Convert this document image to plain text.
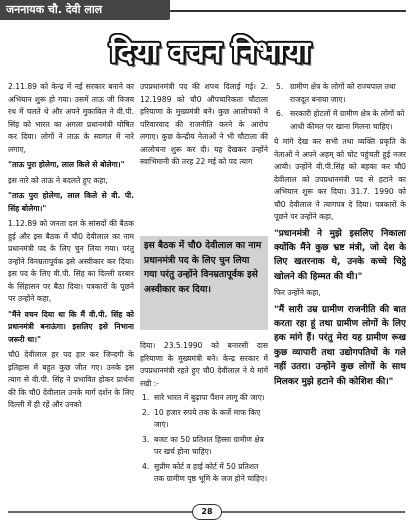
जननायक चौ. देवी लाल
दिया वचन निभाया

2.11.89 को केन्द्र में नई सरकार बनाने का अभियान शुरू हो गया। उसमें ताऊ जी विजय रथ में चलते थे और अपने मुकाबिल ने वी.पी. सिंह को भारत का अगला प्रधानमंत्री घोषित कर दिया। लोगों ने ताऊ के स्वागत में नारे लगाए,

"ताऊ पुरा होलेगा, लाल किले से बोलेगा।"

इस नारे को ताऊ ने बदलते हुए कहा,

"ताऊ पुरा होलेगा, लाल किले से वी. पी. सिंह बोलेगा।"

1.12.89 को जनता दल के सांसदों की बैठक हुई और इस बैठक में चौ0 देवीलाल का नाम प्रधानमंत्री पद के लिए चुन लिया गया। परंतु उन्होंने विनम्रतापूर्वक इसे अस्वीकार कर दिया। इस पद के लिए वी.पी. सिंह का दिल्ली दरबार के सिंहासन पर बैठा दिया। पत्रकारों के पूछने पर उन्होंने कहा,

"मैंने वचन दिया था कि मैं वी.पी. सिंह को प्रधानमंत्री बनाऊंगा। इसलिए इसे निभाना जरूरी था।"

चौ0 देवीलाल हर पद हार कर जिन्दगी के इतिहास में बहुत कुछ जीत गए। उनके इस त्याग से वी.पी. सिंह ने प्रभावित होकर प्रार्थना की कि चौ0 देवीलाल उनके मार्ग दर्शन के लिए दिल्ली में ही रहें और उनको

उपप्रधानमंत्री पद की शपथ दिलाई गई। 2. 12.1989 को चौ0 औपचारिकता चौटाला हरियाणा के मुख्यमंत्री बने। कुछ आलोचकों ने परिवारवाद की राजनीति करने के आरोप लगाए। कुछ केन्द्रीय नेताओं ने भी चौटाला की आलोचना शुरू कर दी। यह देखकर उन्होंने स्वाभिमानी की तरह 22 मई को पद त्याग

इस बैठक में चौ0 देवीलाल का नाम प्रधानमंत्री पद के लिए चुन लिया गया परंतु उन्होंने विनम्रतापूर्वक इसे अस्वीकार कर दिया।

दिया। 23.5.1990 को बनारसी दास हरियाणा के मुख्यमंत्री बने। केन्द्र सरकार में उपप्रधानमंत्री रहते हुए चौ0 देवीलाल ने ये मांगें रखी :-

1. सारे भारत में बुढ़ापा पैंशन लागू की जाए।
2. 10 हजार रुपये तक के कर्जे माफ किए जाएं।
3. बजट का 50 प्रतिशत हिस्सा ग्रामीण क्षेत्र पर खर्च होना चाहिए।
4. सुप्रीम कोर्ट व हाई कोर्ट में 50 प्रतिशत तक ग्रामीण पृष्ठ भूमि के जज होने चाहिए।
5. ग्रामीण क्षेत्र के लोगों को राज्यपाल तथा राजदूत बनाया जाए।
6. सरकारी होटलों में ग्रामीण क्षेत्र के लोगों को आधी कीमत पर खाना मिलना चाहिए।

ये मांगे देख कर सभी तथा व्यक्ति प्रकृति के नेताओं ने अपने अहम् को चोट पहुंचती हुई नजर आयी। उन्होंने वी.पी.सिंह को बहका कर चौ0 देवीलाल को उपप्रधानमंत्री पद से हटाने का अभियान शुरू कर दिया। 31.7. 1990 को चौ0 देवीलाल ने त्यागपत्र दे दिया। पत्रकारों के पूछने पर उन्होंने कहा,

"प्रधानमंत्री ने मुझे इसलिए निकाला क्योंकि मैंने कुछ भ्रष्ट मंत्री, जो देश के लिए खतरनाक थे, उनके कच्चे चिट्ठे खोलने की हिम्मत की थी।"

फिर उन्होंने कहा,

"मैं सारी उम्र ग्रामीण राजनीति की बात करता रहा हूं तथा ग्रामीण लोगों के लिए हक मांगे हैं। परंतु मेरा यह ग्रामीण रूख कुछ व्यापारी तथा उद्योगपतियों के गले नहीं उतरा। उन्होंने कुछ लोगों के साथ मिलकर मुझे हटाने की कोशिश की।"

28
